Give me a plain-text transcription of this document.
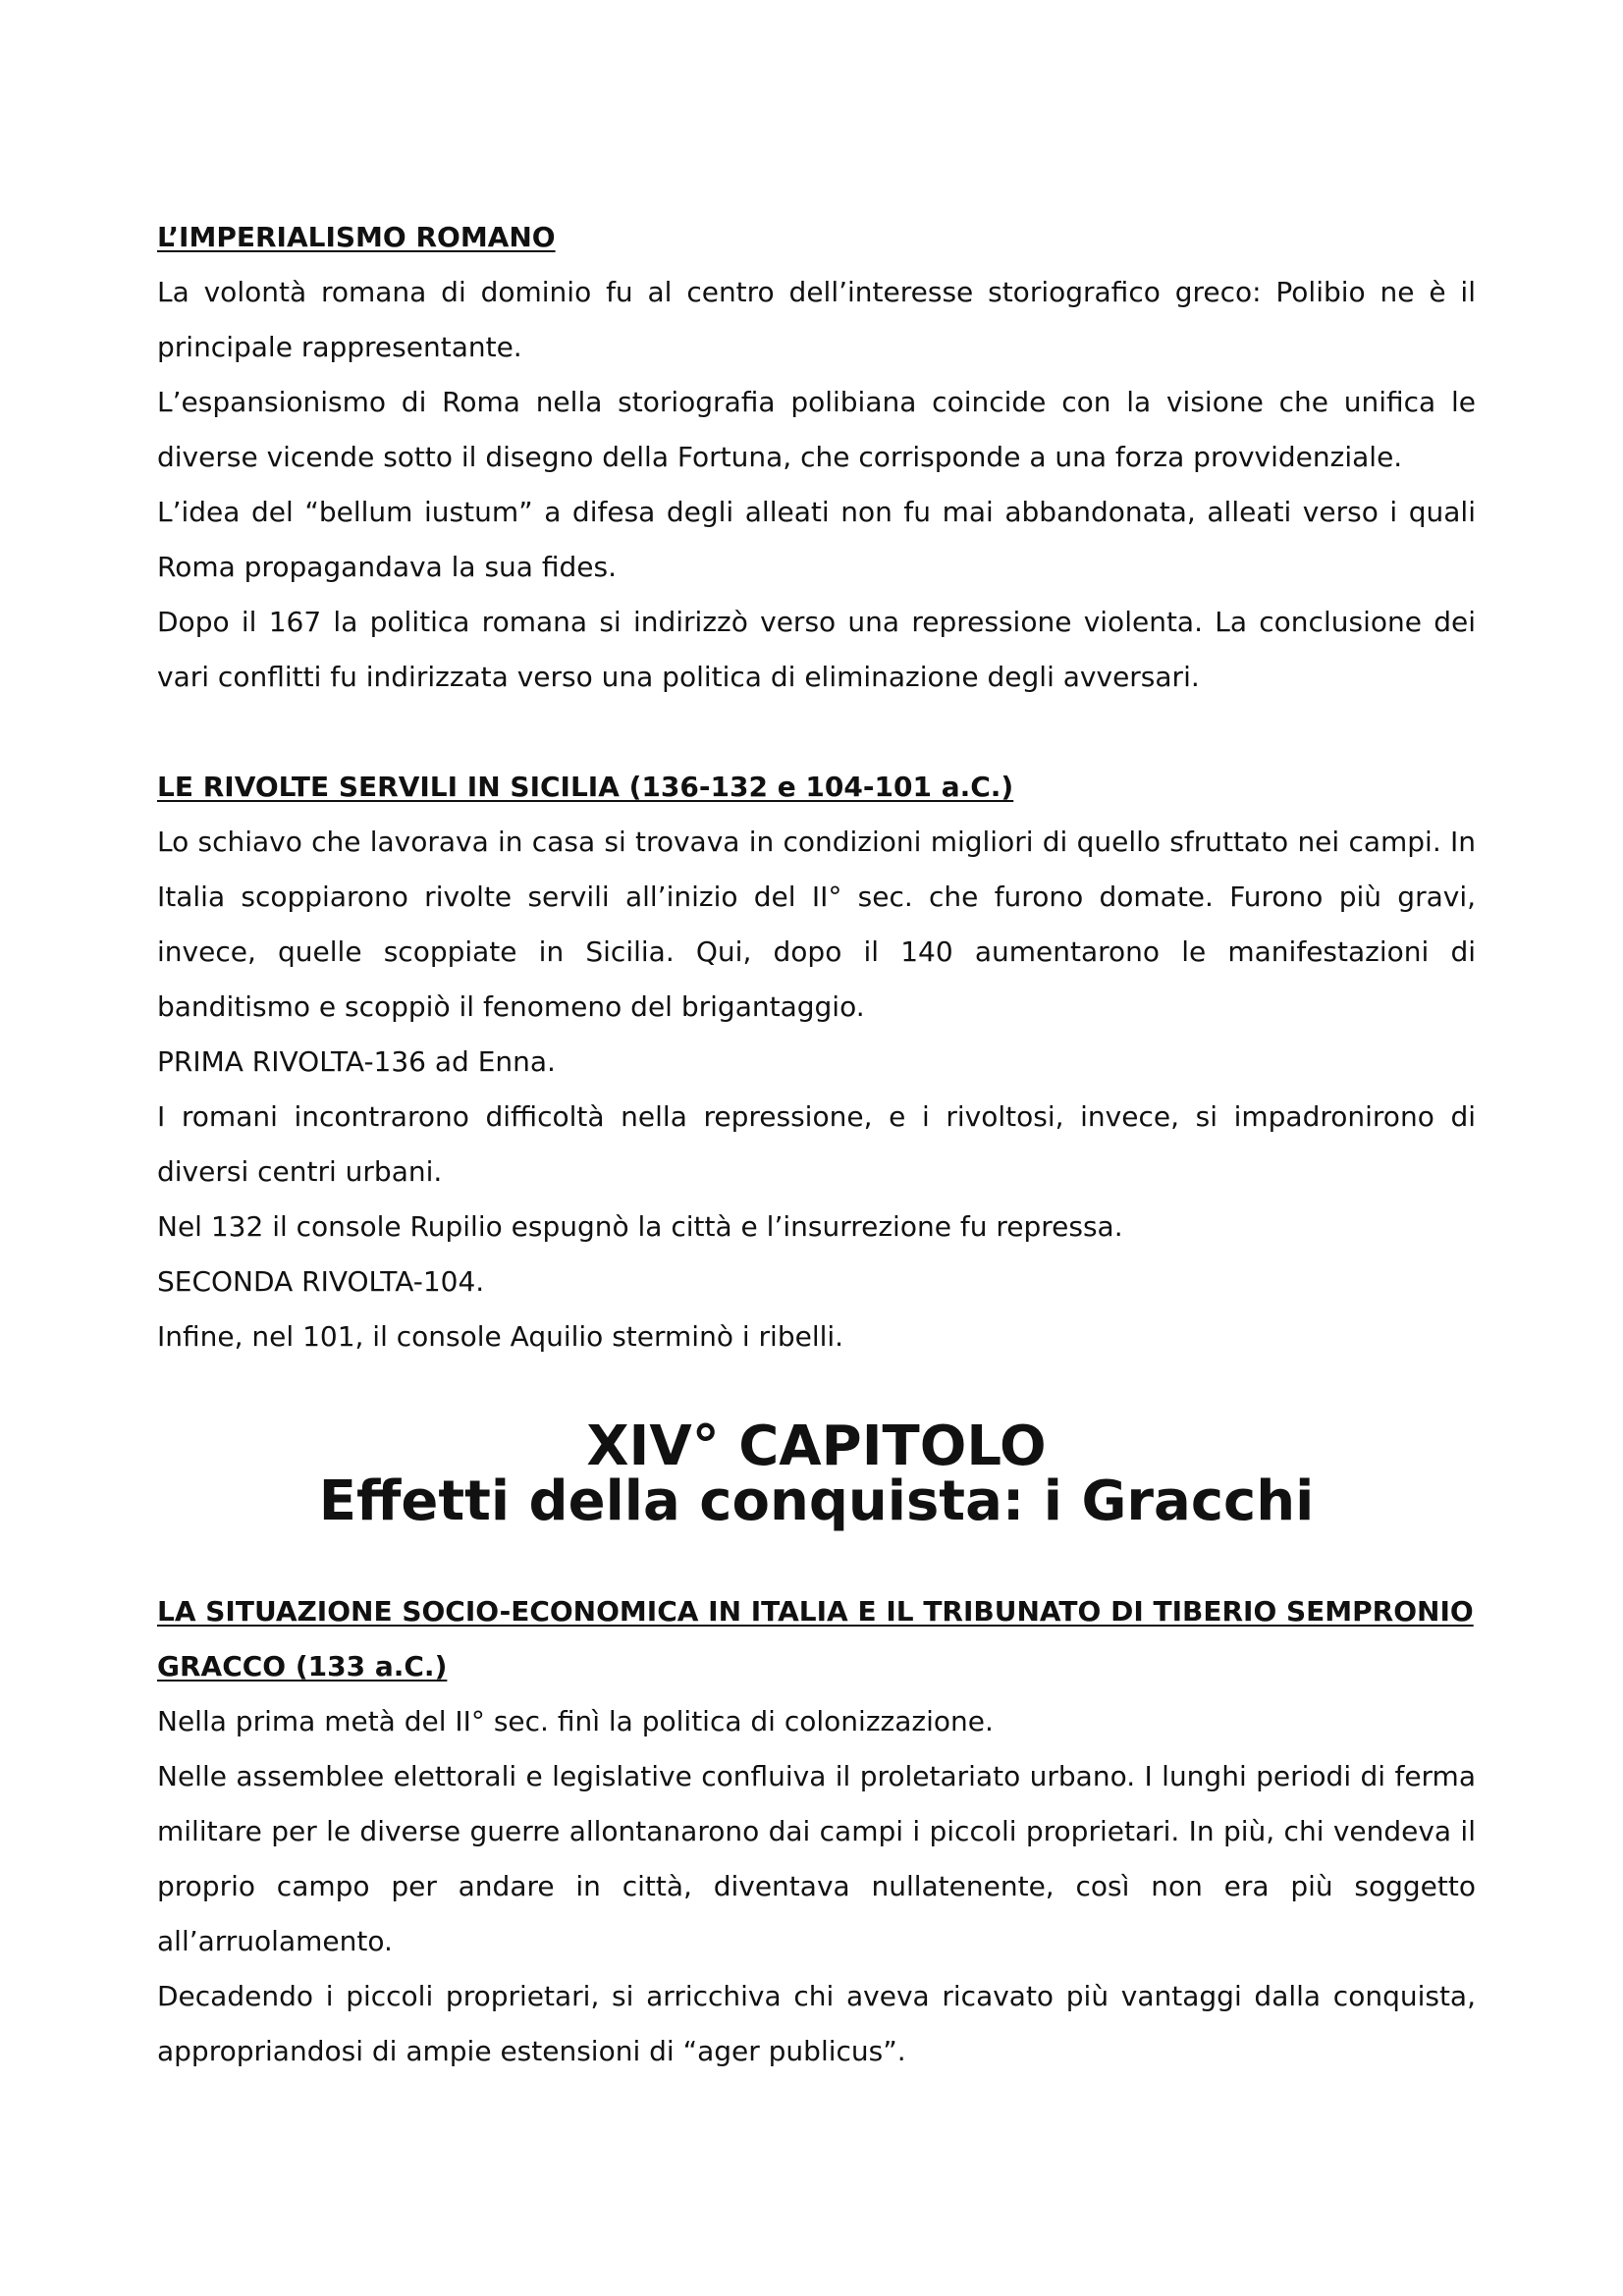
L’IMPERIALISMO ROMANO

La volontà romana di dominio fu al centro dell’interesse storiografico greco: Polibio ne è il principale rappresentante.

L’espansionismo di Roma nella storiografia polibiana coincide con la visione che unifica le diverse vicende sotto il disegno della Fortuna, che corrisponde a una forza provvidenziale.

L’idea del “bellum iustum” a difesa degli alleati non fu mai abbandonata, alleati verso i quali Roma propagandava la sua fides.

Dopo il 167 la politica romana si indirizzò verso una repressione violenta. La conclusione dei vari conflitti fu indirizzata verso una politica di eliminazione degli avversari.

LE RIVOLTE SERVILI IN SICILIA (136-132 e 104-101 a.C.)

Lo schiavo che lavorava in casa si trovava in condizioni migliori di quello sfruttato nei campi. In Italia scoppiarono rivolte servili all’inizio del II° sec. che furono domate. Furono più gravi, invece, quelle scoppiate in Sicilia. Qui, dopo il 140 aumentarono le manifestazioni di banditismo e scoppiò il fenomeno del brigantaggio.

PRIMA RIVOLTA-136 ad Enna.

I romani incontrarono difficoltà nella repressione, e i rivoltosi, invece, si impadronirono di diversi centri urbani.

Nel 132 il console Rupilio espugnò la città e l’insurrezione fu repressa.

SECONDA RIVOLTA-104.

Infine, nel 101, il console Aquilio sterminò i ribelli.

XIV° CAPITOLO
Effetti della conquista: i Gracchi
LA SITUAZIONE SOCIO-ECONOMICA IN ITALIA E IL TRIBUNATO DI TIBERIO SEMPRONIO GRACCO (133 a.C.)

Nella prima metà del II° sec. finì la politica di colonizzazione.

Nelle assemblee elettorali e legislative confluiva il proletariato urbano. I lunghi periodi di ferma militare per le diverse guerre allontanarono dai campi i piccoli proprietari. In più, chi vendeva il proprio campo per andare in città, diventava nullatenente, così non era più soggetto all’arruolamento.

Decadendo i piccoli proprietari, si arricchiva chi aveva ricavato più vantaggi dalla conquista, appropriandosi di ampie estensioni di “ager publicus”.
